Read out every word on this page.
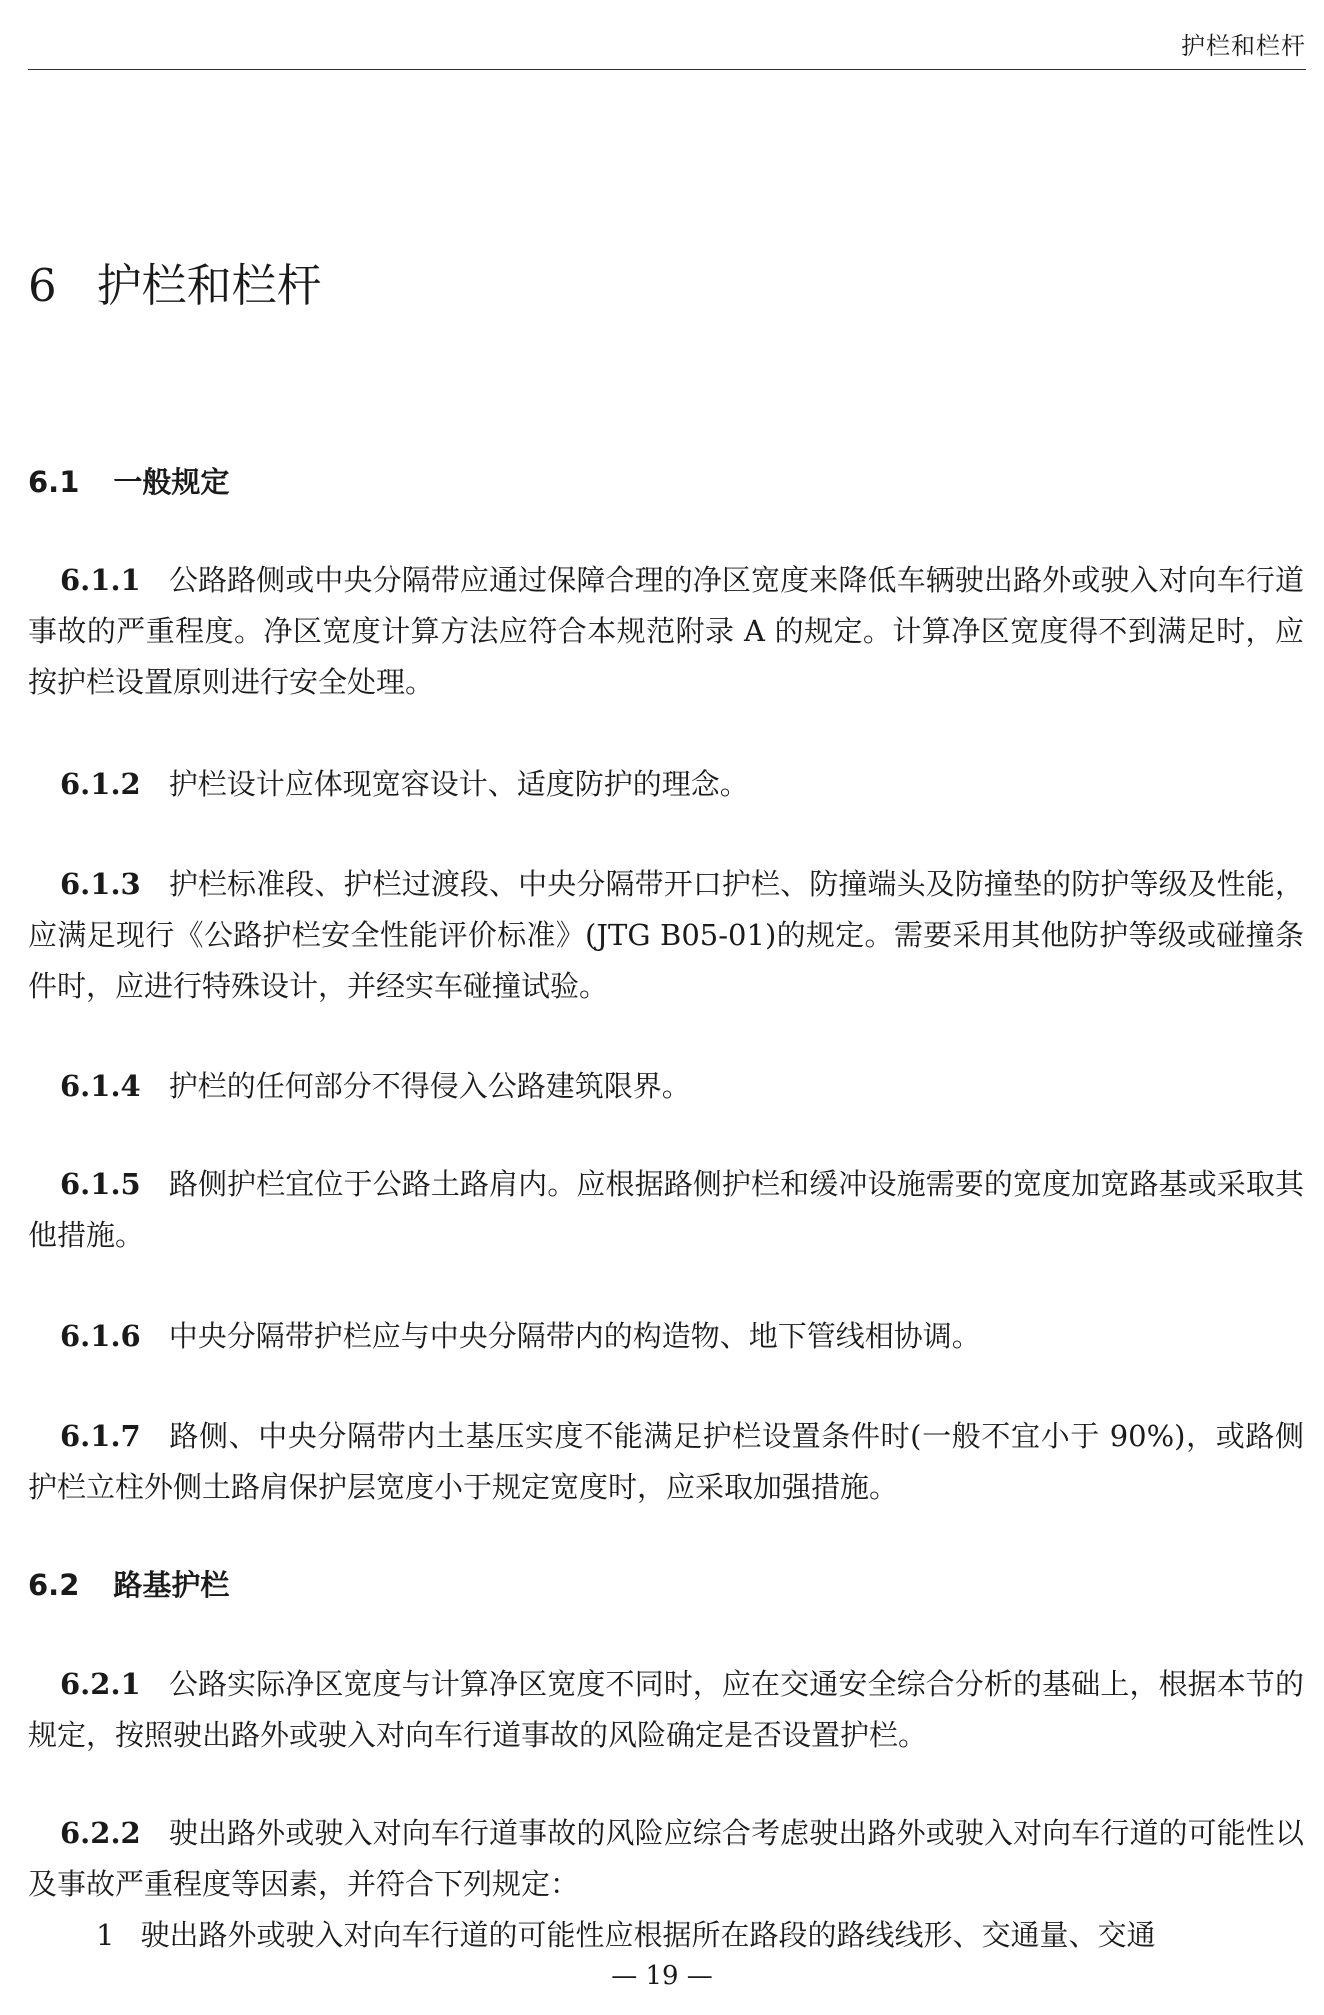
护栏和栏杆
6 护栏和栏杆
6.1 一般规定

6.1.1 公路路侧或中央分隔带应通过保障合理的净区宽度来降低车辆驶出路外或驶入对向车行道事故的严重程度。净区宽度计算方法应符合本规范附录 A 的规定。计算净区宽度得不到满足时，应按护栏设置原则进行安全处理。

6.1.2 护栏设计应体现宽容设计、适度防护的理念。

6.1.3 护栏标准段、护栏过渡段、中央分隔带开口护栏、防撞端头及防撞垫的防护等级及性能，应满足现行《公路护栏安全性能评价标准》(JTG B05-01)的规定。需要采用其他防护等级或碰撞条件时，应进行特殊设计，并经实车碰撞试验。

6.1.4 护栏的任何部分不得侵入公路建筑限界。

6.1.5 路侧护栏宜位于公路土路肩内。应根据路侧护栏和缓冲设施需要的宽度加宽路基或采取其他措施。

6.1.6 中央分隔带护栏应与中央分隔带内的构造物、地下管线相协调。

6.1.7 路侧、中央分隔带内土基压实度不能满足护栏设置条件时(一般不宜小于 90%)，或路侧护栏立柱外侧土路肩保护层宽度小于规定宽度时，应采取加强措施。

6.2 路基护栏

6.2.1 公路实际净区宽度与计算净区宽度不同时，应在交通安全综合分析的基础上，根据本节的规定，按照驶出路外或驶入对向车行道事故的风险确定是否设置护栏。

6.2.2 驶出路外或驶入对向车行道事故的风险应综合考虑驶出路外或驶入对向车行道的可能性以及事故严重程度等因素，并符合下列规定：

1 驶出路外或驶入对向车行道的可能性应根据所在路段的路线线形、交通量、交通

— 19 —
